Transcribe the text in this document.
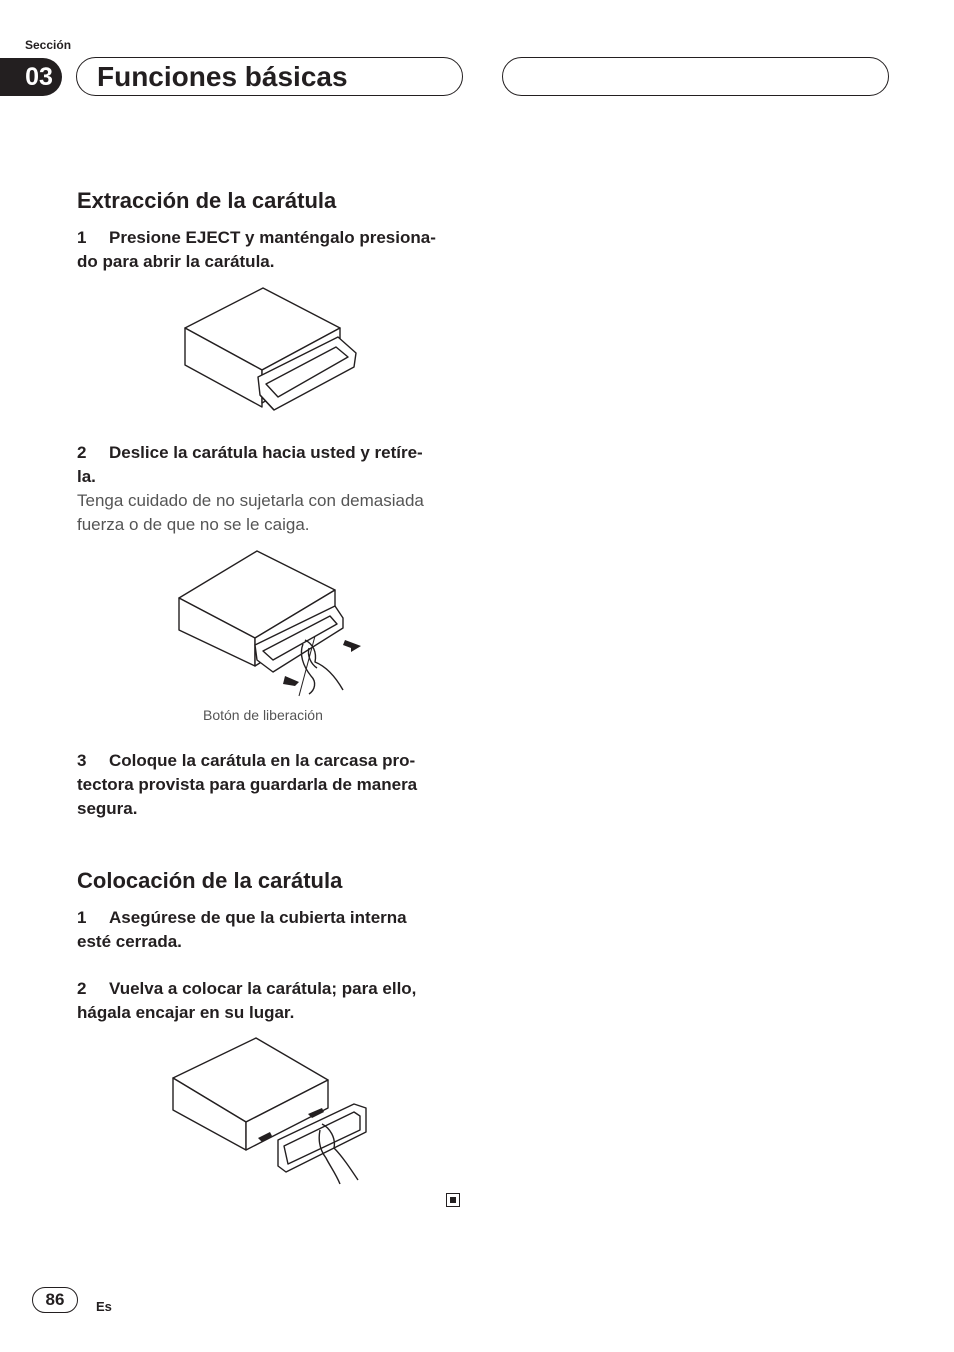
Sección
03	Funciones básicas
Extracción de la carátula
1 Presione EJECT y manténgalo presiona-
do para abrir la carátula.
2 Deslice la carátula hacia usted y retíre-
la.
Tenga cuidado de no sujetarla con demasiada
fuerza o de que no se le caiga.
Botón de liberación
3 Coloque la carátula en la carcasa pro-
tectora provista para guardarla de manera
segura.
Colocación de la carátula
1 Asegúrese de que la cubierta interna
esté cerrada.
2 Vuelva a colocar la carátula; para ello,
hágala encajar en su lugar.
86	Es
